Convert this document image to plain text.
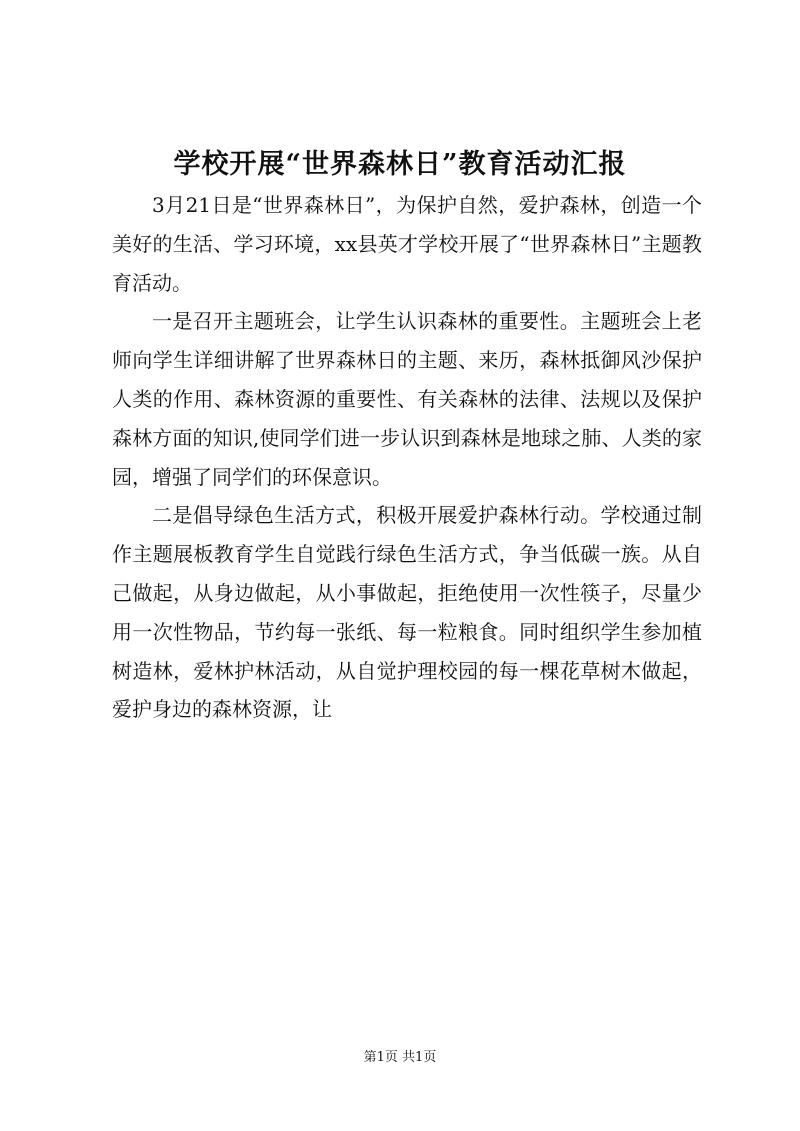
学校开展“世界森林日”教育活动汇报

3月21日是“世界森林日”，为保护自然，爱护森林，创造一个美好的生活、学习环境，xx县英才学校开展了“世界森林日”主题教育活动。

一是召开主题班会，让学生认识森林的重要性。主题班会上老师向学生详细讲解了世界森林日的主题、来历，森林抵御风沙保护人类的作用、森林资源的重要性、有关森林的法律、法规以及保护森林方面的知识,使同学们进一步认识到森林是地球之肺、人类的家园，增强了同学们的环保意识。

二是倡导绿色生活方式，积极开展爱护森林行动。学校通过制作主题展板教育学生自觉践行绿色生活方式，争当低碳一族。从自己做起，从身边做起，从小事做起，拒绝使用一次性筷子，尽量少用一次性物品，节约每一张纸、每一粒粮食。同时组织学生参加植树造林，爱林护林活动，从自觉护理校园的每一棵花草树木做起，爱护身边的森林资源，让

第1页 共1页
